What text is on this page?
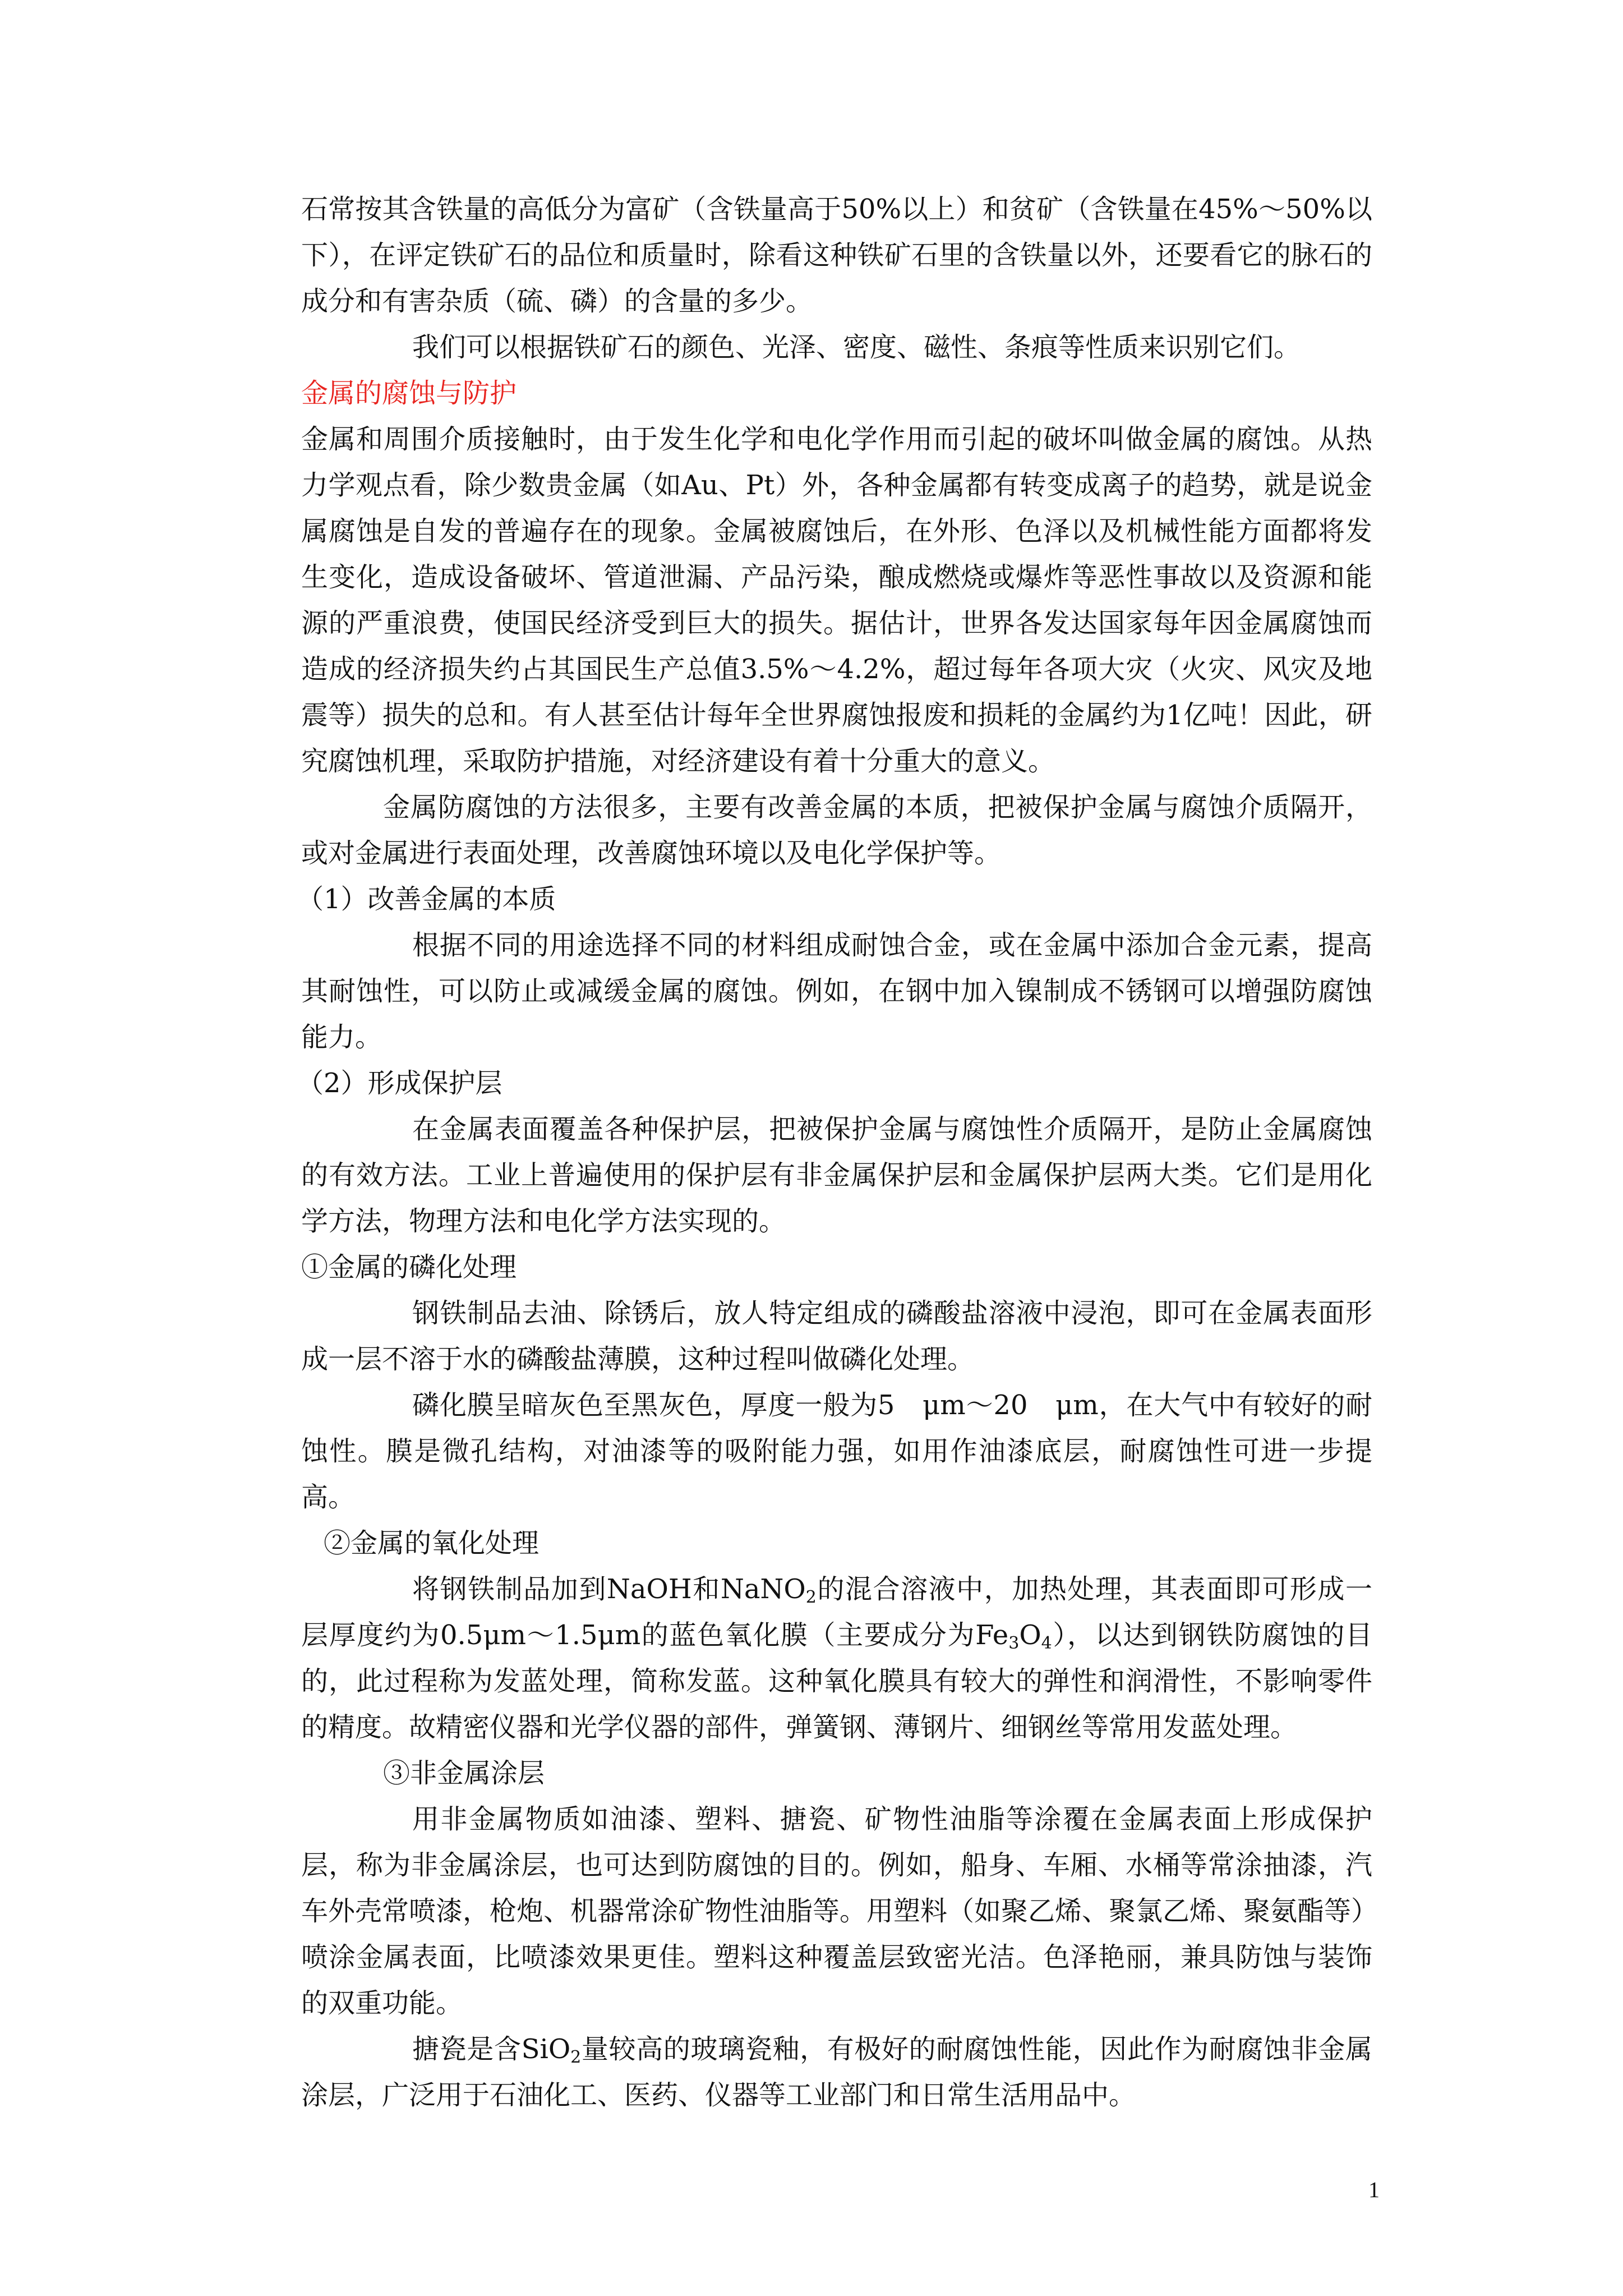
石常按其含铁量的高低分为富矿（含铁量高于50%以上）和贫矿（含铁量在45%～50%以下），在评定铁矿石的品位和质量时，除看这种铁矿石里的含铁量以外，还要看它的脉石的成分和有害杂质（硫、磷）的含量的多少。

我们可以根据铁矿石的颜色、光泽、密度、磁性、条痕等性质来识别它们。

金属的腐蚀与防护

金属和周围介质接触时，由于发生化学和电化学作用而引起的破坏叫做金属的腐蚀。从热力学观点看，除少数贵金属（如Au、Pt）外，各种金属都有转变成离子的趋势，就是说金属腐蚀是自发的普遍存在的现象。金属被腐蚀后，在外形、色泽以及机械性能方面都将发生变化，造成设备破坏、管道泄漏、产品污染，酿成燃烧或爆炸等恶性事故以及资源和能源的严重浪费，使国民经济受到巨大的损失。据估计，世界各发达国家每年因金属腐蚀而造成的经济损失约占其国民生产总值3.5%～4.2%，超过每年各项大灾（火灾、风灾及地震等）损失的总和。有人甚至估计每年全世界腐蚀报废和损耗的金属约为1亿吨！因此，研究腐蚀机理，采取防护措施，对经济建设有着十分重大的意义。

金属防腐蚀的方法很多，主要有改善金属的本质，把被保护金属与腐蚀介质隔开，或对金属进行表面处理，改善腐蚀环境以及电化学保护等。

（1）改善金属的本质

根据不同的用途选择不同的材料组成耐蚀合金，或在金属中添加合金元素，提高其耐蚀性，可以防止或减缓金属的腐蚀。例如，在钢中加入镍制成不锈钢可以增强防腐蚀能力。

（2）形成保护层

在金属表面覆盖各种保护层，把被保护金属与腐蚀性介质隔开，是防止金属腐蚀的有效方法。工业上普遍使用的保护层有非金属保护层和金属保护层两大类。它们是用化学方法，物理方法和电化学方法实现的。

①金属的磷化处理

钢铁制品去油、除锈后，放人特定组成的磷酸盐溶液中浸泡，即可在金属表面形成一层不溶于水的磷酸盐薄膜，这种过程叫做磷化处理。

磷化膜呈暗灰色至黑灰色，厚度一般为5　μm～20　μm，在大气中有较好的耐蚀性。膜是微孔结构，对油漆等的吸附能力强，如用作油漆底层，耐腐蚀性可进一步提高。

②金属的氧化处理

将钢铁制品加到NaOH和NaNO$_2$的混合溶液中，加热处理，其表面即可形成一层厚度约为0.5μm～1.5μm的蓝色氧化膜（主要成分为$Fe_3O_4$），以达到钢铁防腐蚀的目的，此过程称为发蓝处理，简称发蓝。这种氧化膜具有较大的弹性和润滑性，不影响零件的精度。故精密仪器和光学仪器的部件，弹簧钢、薄钢片、细钢丝等常用发蓝处理。

③非金属涂层

用非金属物质如油漆、塑料、搪瓷、矿物性油脂等涂覆在金属表面上形成保护层，称为非金属涂层，也可达到防腐蚀的目的。例如，船身、车厢、水桶等常涂抽漆，汽车外壳常喷漆，枪炮、机器常涂矿物性油脂等。用塑料（如聚乙烯、聚氯乙烯、聚氨酯等）

喷涂金属表面，比喷漆效果更佳。塑料这种覆盖层致密光洁。色泽艳丽，兼具防蚀与装饰的双重功能。

搪瓷是含SiO$_2$量较高的玻璃瓷釉，有极好的耐腐蚀性能，因此作为耐腐蚀非金属涂层，广泛用于石油化工、医药、仪器等工业部门和日常生活用品中。

1
